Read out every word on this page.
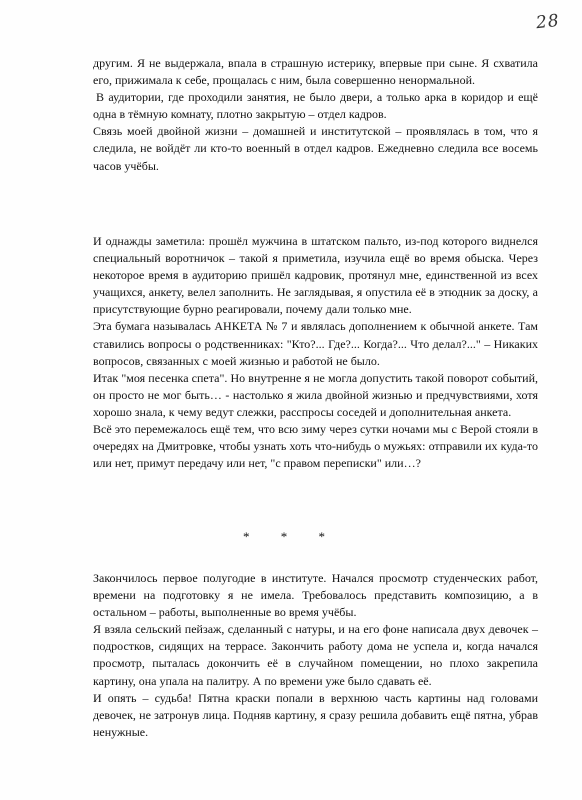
28

другим. Я не выдержала, впала в страшную истерику, впервые при сыне. Я схватила его, прижимала к себе, прощалась с ним, была совершенно ненормальной.

В аудитории, где проходили занятия, не было двери, а только арка в коридор и ещё одна в тёмную комнату, плотно закрытую – отдел кадров.

Связь моей двойной жизни – домашней и институтской – проявлялась в том, что я следила, не войдёт ли кто-то военный в отдел кадров. Ежедневно следила все восемь часов учёбы.

И однажды заметила: прошёл мужчина в штатском пальто, из-под которого виднелся специальный воротничок – такой я приметила, изучила ещё во время обыска. Через некоторое время в аудиторию пришёл кадровик, протянул мне, единственной из всех учащихся, анкету, велел заполнить. Не заглядывая, я опустила её в этюдник за доску, а присутствующие бурно реагировали, почему дали только мне.

Эта бумага называлась АНКЕТА № 7 и являлась дополнением к обычной анкете. Там ставились вопросы о родственниках: "Кто?... Где?... Когда?... Что делал?..." – Никаких вопросов, связанных с моей жизнью и работой не было.

Итак "моя песенка спета". Но внутренне я не могла допустить такой поворот событий, он просто не мог быть… - настолько я жила двойной жизнью и предчувствиями, хотя хорошо знала, к чему ведут слежки, расспросы соседей и дополнительная анкета.

Всё это перемежалось ещё тем, что всю зиму через сутки ночами мы с Верой стояли в очередях на Дмитровке, чтобы узнать хоть что-нибудь о мужьях: отправили их куда-то или нет, примут передачу или нет, "с правом переписки" или…?

* * *

Закончилось первое полугодие в институте. Начался просмотр студенческих работ, времени на подготовку я не имела. Требовалось представить композицию, а в остальном – работы, выполненные во время учёбы.

Я взяла сельский пейзаж, сделанный с натуры, и на его фоне написала двух девочек – подростков, сидящих на террасе. Закончить работу дома не успела и, когда начался просмотр, пыталась докончить её в случайном помещении, но плохо закрепила картину, она упала на палитру. А по времени уже было сдавать её.

И опять – судьба! Пятна краски попали в верхнюю часть картины над головами девочек, не затронув лица. Подняв картину, я сразу решила добавить ещё пятна, убрав ненужные.
